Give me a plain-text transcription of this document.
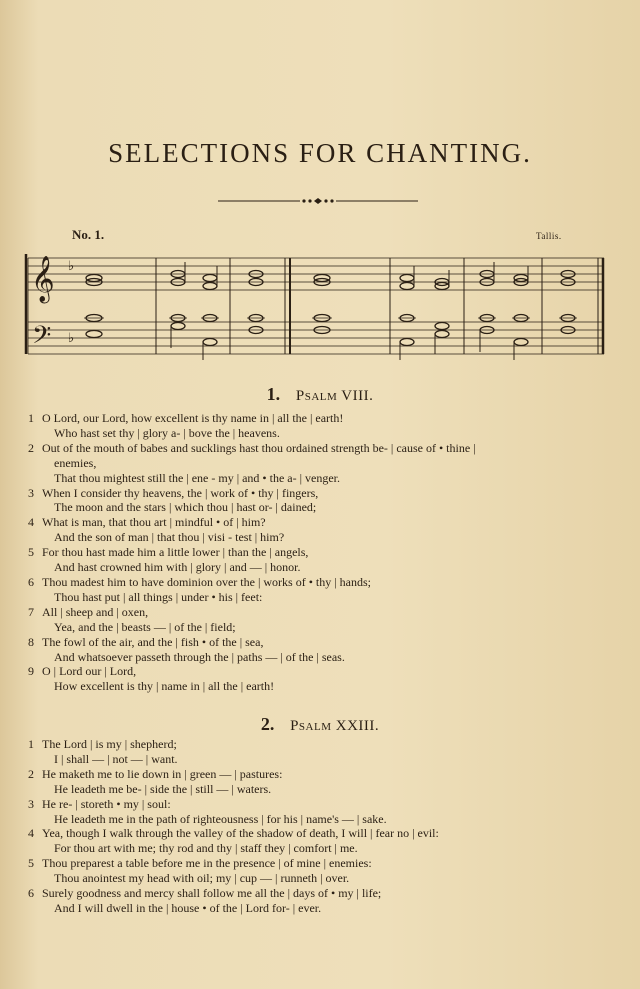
SELECTIONS FOR CHANTING.
No. 1.	Tallis.
𝄞
𝄢
♭
♭
1. Psalm VIII.
1 O Lord, our Lord, how excellent is thy name in | all the | earth!
Who hast set thy | glory a- | bove the | heavens.
2 Out of the mouth of babes and sucklings hast thou ordained strength be- | cause of • thine |
enemies,
That thou mightest still the | ene - my | and • the a- | venger.
3 When I consider thy heavens, the | work of • thy | fingers,
The moon and the stars | which thou | hast or- | dained;
4 What is man, that thou art | mindful • of | him?
And the son of man | that thou | visi - test | him?
5 For thou hast made him a little lower | than the | angels,
And hast crowned him with | glory | and — | honor.
6 Thou madest him to have dominion over the | works of • thy | hands;
Thou hast put | all things | under • his | feet:
7 All | sheep and | oxen,
Yea, and the | beasts — | of the | field;
8 The fowl of the air, and the | fish • of the | sea,
And whatsoever passeth through the | paths — | of the | seas.
9 O | Lord our | Lord,
How excellent is thy | name in | all the | earth!
2. Psalm XXIII.
1 The Lord | is my | shepherd;
I | shall — | not — | want.
2 He maketh me to lie down in | green — | pastures:
He leadeth me be- | side the | still — | waters.
3 He re- | storeth • my | soul:
He leadeth me in the path of righteousness | for his | name's — | sake.
4 Yea, though I walk through the valley of the shadow of death, I will | fear no | evil:
For thou art with me; thy rod and thy | staff they | comfort | me.
5 Thou preparest a table before me in the presence | of mine | enemies:
Thou anointest my head with oil; my | cup — | runneth | over.
6 Surely goodness and mercy shall follow me all the | days of • my | life;
And I will dwell in the | house • of the | Lord for- | ever.
